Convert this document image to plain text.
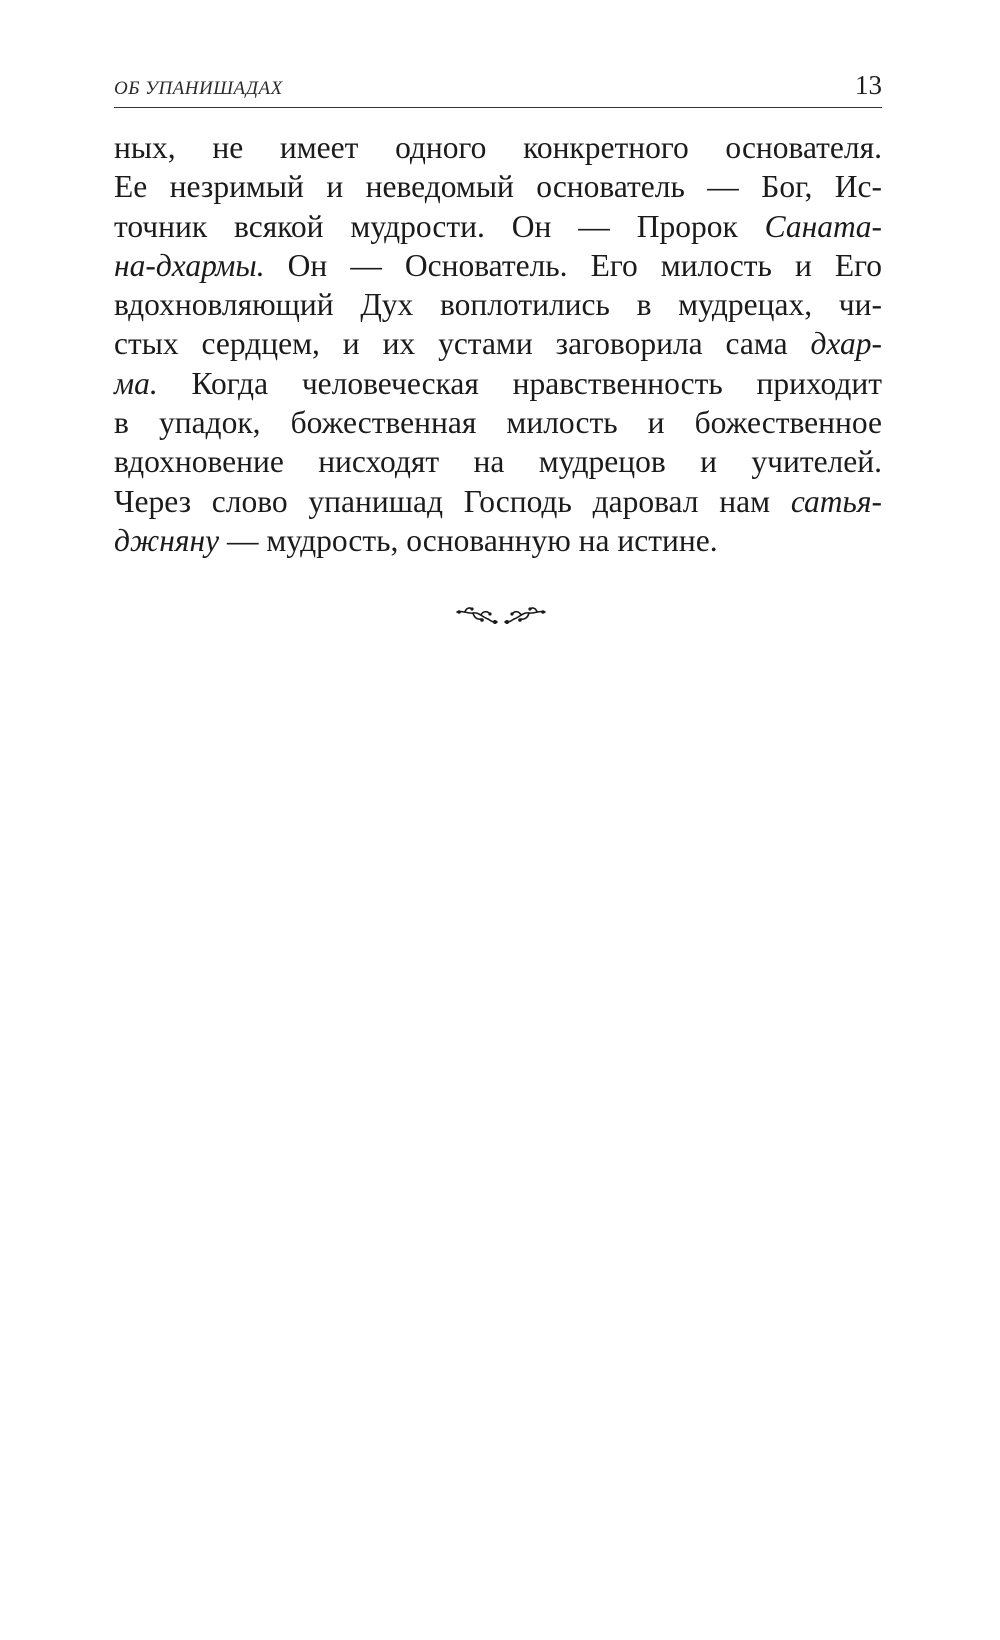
ОБ УПАНИШАДАХ	13

ных, не имеет одного конкретного основателя.
Ее незримый и неведомый основатель — Бог, Ис-
точник всякой мудрости. Он — Пророк Санатa-
на-дхармы. Он — Основатель. Его милость и Его
вдохновляющий Дух воплотились в мудрецах, чи-
стых сердцем, и их устами заговорила сама дхар-
ма. Когда человеческая нравственность приходит
в упадок, божественная милость и божественное
вдохновение нисходят на мудрецов и учителей.
Через слово упанишад Господь даровал нам сатья-
джняну — мудрость, основанную на истине.
